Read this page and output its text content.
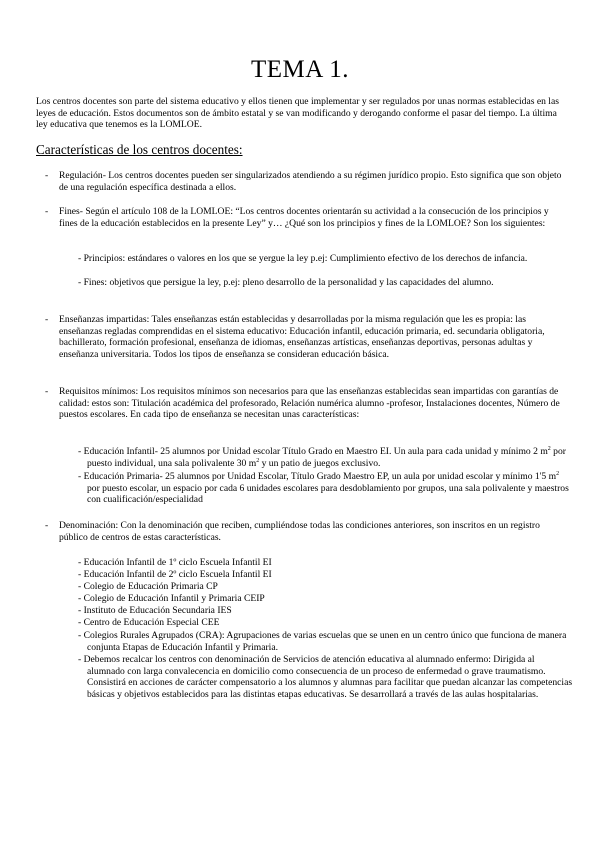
TEMA 1.

Los centros docentes son parte del sistema educativo y ellos tienen que implementar y ser regulados por unas normas establecidas en las leyes de educación. Estos documentos son de ámbito estatal y se van modificando y derogando conforme el pasar del tiempo. La última ley educativa que tenemos es la LOMLOE.

Características de los centros docentes:
- Regulación- Los centros docentes pueden ser singularizados atendiendo a su régimen jurídico propio. Esto significa que son objeto de una regulación específica destinada a ellos.

- Fines- Según el artículo 108 de la LOMLOE: “Los centros docentes orientarán su actividad a la consecución de los principios y fines de la educación establecidos en la presente Ley” y… ¿Qué son los principios y fines de la LOMLOE? Son los siguientes:

- Principios: estándares o valores en los que se yergue la ley p.ej: Cumplimiento efectivo de los derechos de infancia.

- Fines: objetivos que persigue la ley, p.ej: pleno desarrollo de la personalidad y las capacidades del alumno.

- Enseñanzas impartidas: Tales enseñanzas están establecidas y desarrolladas por la misma regulación que les es propia: las enseñanzas regladas comprendidas en el sistema educativo: Educación infantil, educación primaria, ed. secundaria obligatoria, bachillerato, formación profesional, enseñanza de idiomas, enseñanzas artísticas, enseñanzas deportivas, personas adultas y enseñanza universitaria. Todos los tipos de enseñanza se consideran educación básica.

- Requisitos mínimos: Los requisitos mínimos son necesarios para que las enseñanzas establecidas sean impartidas con garantías de calidad: estos son: Titulación académica del profesorado, Relación numérica alumno -profesor, Instalaciones docentes, Número de puestos escolares. En cada tipo de enseñanza se necesitan unas características:

- Educación Infantil- 25 alumnos por Unidad escolar Título Grado en Maestro EI. Un aula para cada unidad y mínimo 2 $m^2$ por puesto individual, una sala polivalente 30 $m^2$ y un patio de juegos exclusivo.

- Educación Primaria- 25 alumnos por Unidad Escolar, Título Grado Maestro EP, un aula por unidad escolar y mínimo 1'5 $m^2$ por puesto escolar, un espacio por cada 6 unidades escolares para desdoblamiento por grupos, una sala polivalente y maestros con cualificación/especialidad

- Denominación: Con la denominación que reciben, cumpliéndose todas las condiciones anteriores, son inscritos en un registro público de centros de estas características.

- Educación Infantil de 1º ciclo Escuela Infantil EI

- Educación Infantil de 2º ciclo Escuela Infantil EI

- Colegio de Educación Primaria CP

- Colegio de Educación Infantil y Primaria CEIP

- Instituto de Educación Secundaria IES

- Centro de Educación Especial CEE

- Colegios Rurales Agrupados (CRA): Agrupaciones de varias escuelas que se unen en un centro único que funciona de manera conjunta Etapas de Educación Infantil y Primaria.

- Debemos recalcar los centros con denominación de Servicios de atención educativa al alumnado enfermo: Dirigida al alumnado con larga convalecencia en domicilio como consecuencia de un proceso de enfermedad o grave traumatismo. Consistirá en acciones de carácter compensatorio a los alumnos y alumnas para facilitar que puedan alcanzar las competencias básicas y objetivos establecidos para las distintas etapas educativas. Se desarrollará a través de las aulas hospitalarias.
